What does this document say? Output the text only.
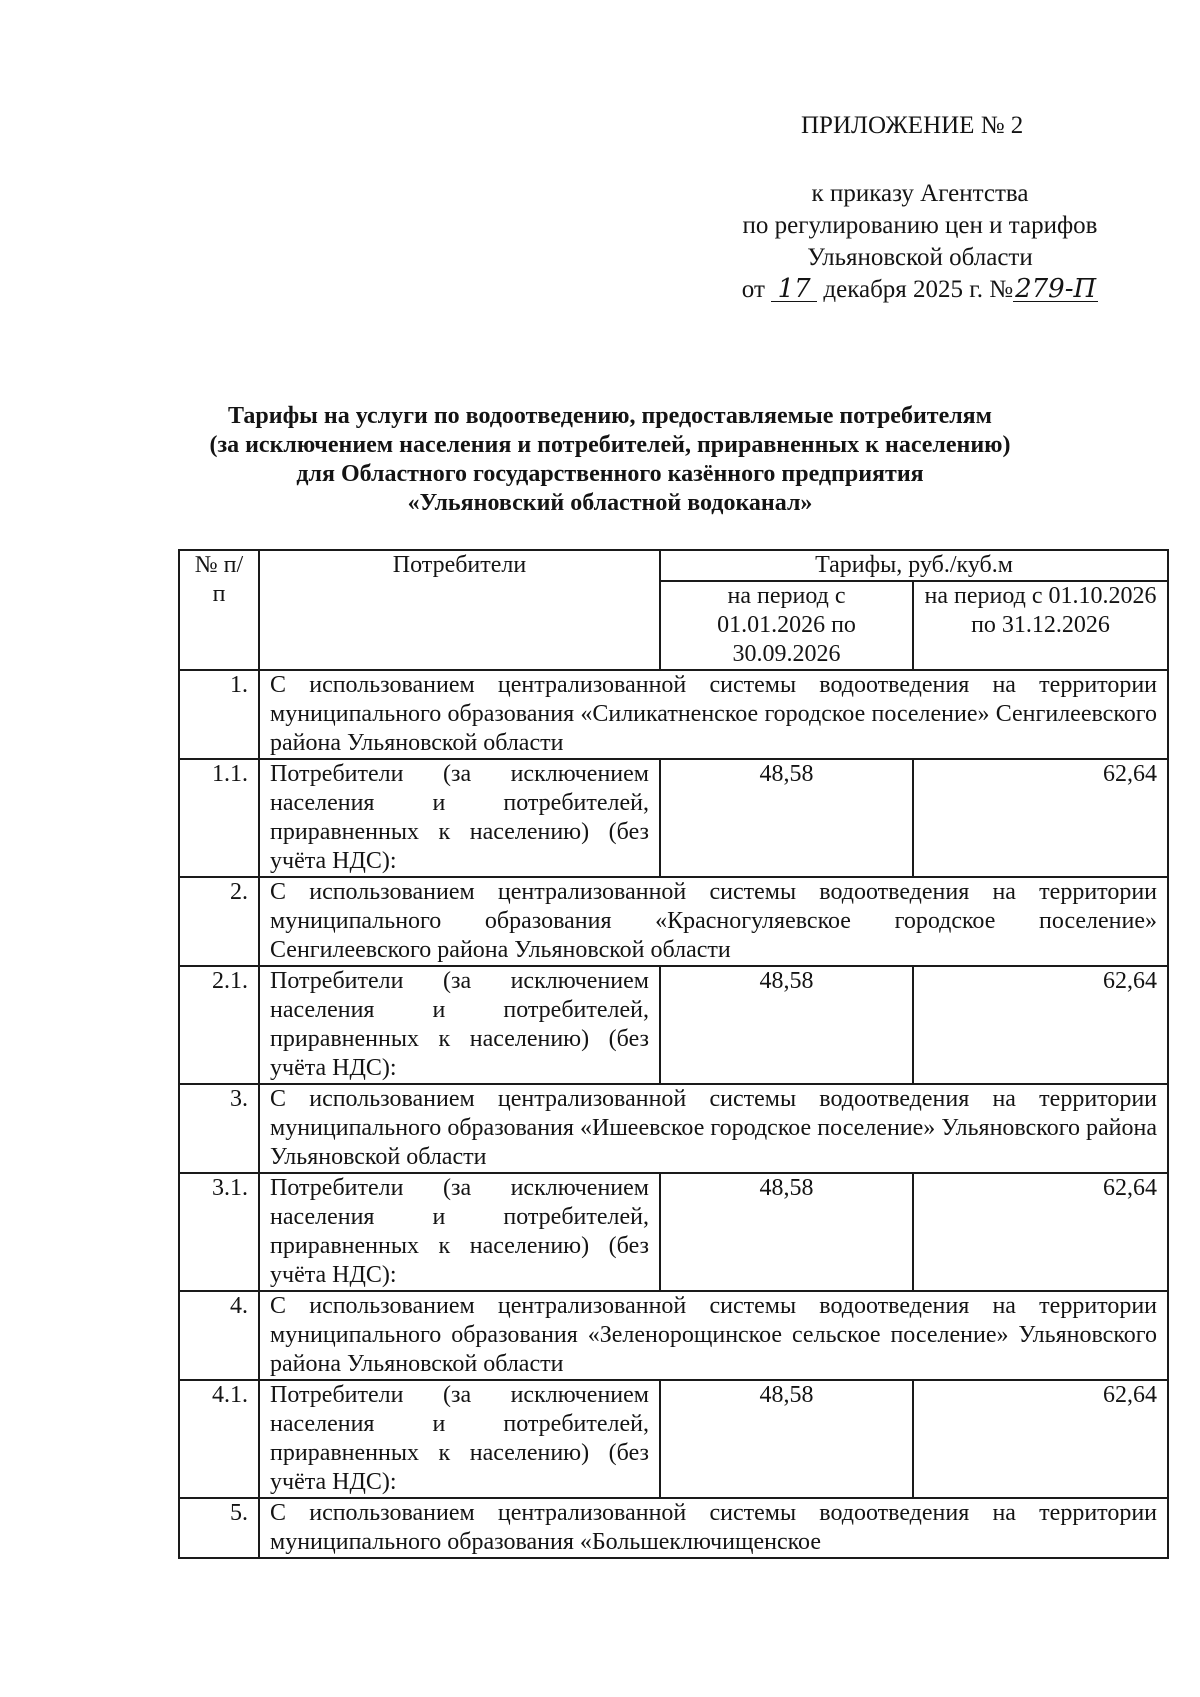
ПРИЛОЖЕНИЕ № 2
к приказу Агентства
по регулированию цен и тарифов
Ульяновской области
от 17 декабря 2025 г. №279-П
Тарифы на услуги по водоотведению, предоставляемые потребителям
(за исключением населения и потребителей, приравненных к населению)
для Областного государственного казённого предприятия
«Ульяновский областной водоканал»
№ п/п	Потребители	Тарифы, руб./куб.м	
		на период с 01.01.2026 по 30.09.2026	на период с 01.10.2026 по 31.12.2026
1.	С использованием централизованной системы водоотведения на территории муниципального образования «Силикатненское городское поселение» Сенгилеевского района Ульяновской области		
1.1.	Потребители (за исключением населения и потребителей, приравненных к населению) (без учёта НДС):	48,58	62,64
2.	С использованием централизованной системы водоотведения на территории муниципального образования «Красногуляевское городское поселение» Сенгилеевского района Ульяновской области		
2.1.	Потребители (за исключением населения и потребителей, приравненных к населению) (без учёта НДС):	48,58	62,64
3.	С использованием централизованной системы водоотведения на территории муниципального образования «Ишеевское городское поселение» Ульяновского района Ульяновской области		
3.1.	Потребители (за исключением населения и потребителей, приравненных к населению) (без учёта НДС):	48,58	62,64
4.	С использованием централизованной системы водоотведения на территории муниципального образования «Зеленорощинское сельское поселение» Ульяновского района Ульяновской области		
4.1.	Потребители (за исключением населения и потребителей, приравненных к населению) (без учёта НДС):	48,58	62,64
5.	С использованием централизованной системы водоотведения на территории муниципального образования «Большеключищенское		
